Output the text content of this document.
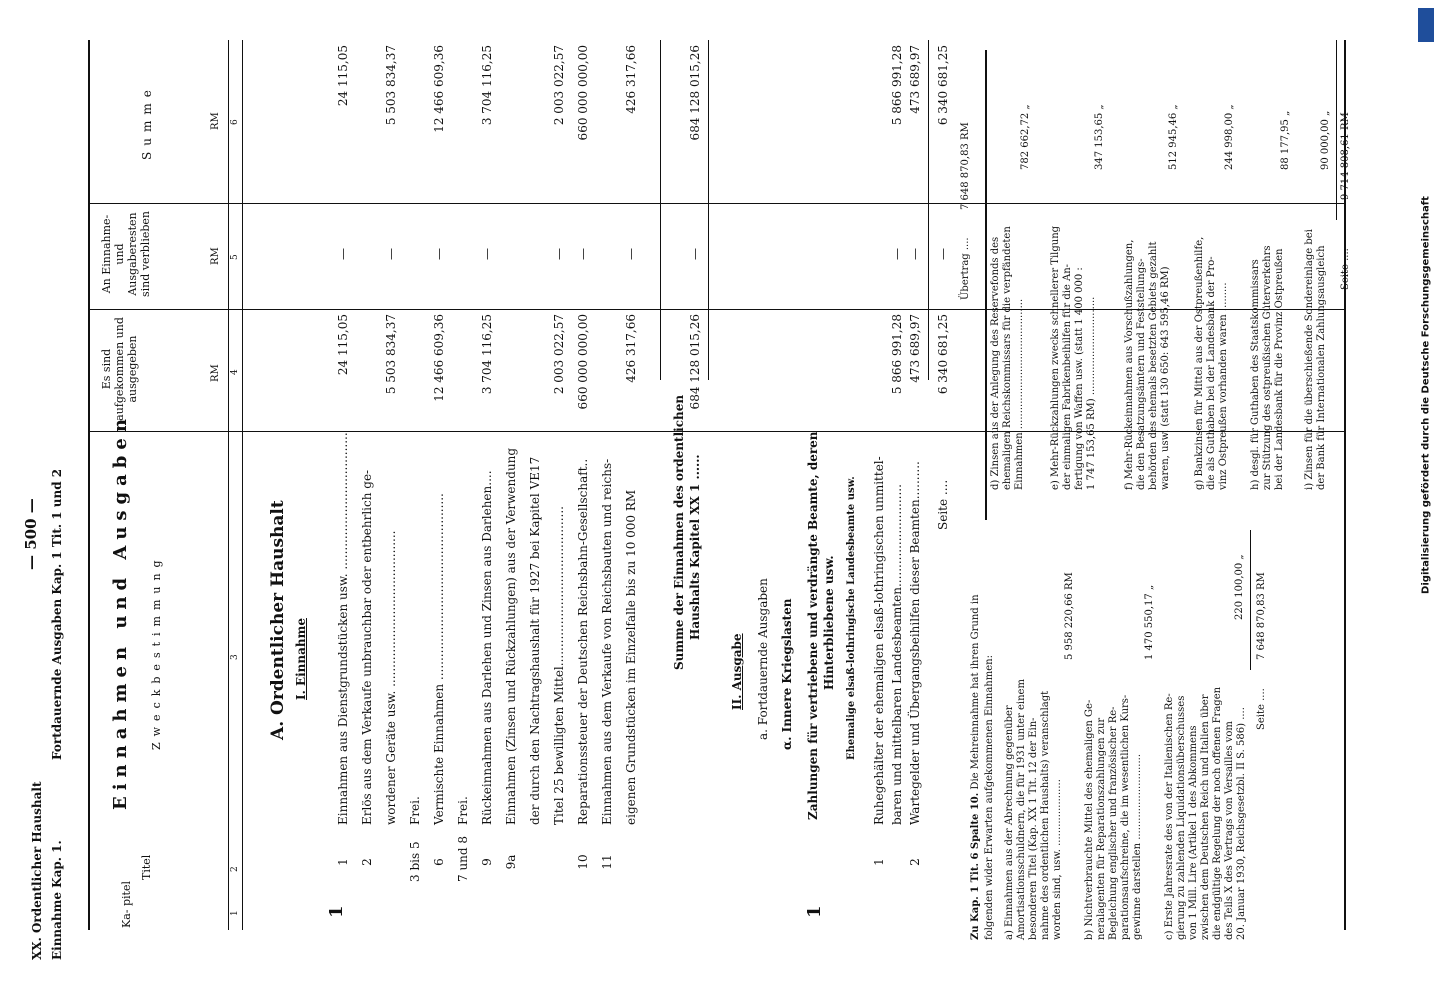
XX. Ordentlicher Haushalt Einnahme Kap. 1.
Fortdauernde Ausgaben Kap. 1 Tit. 1 und 2
— 500 —
Ka- pitel
Titel
Einnahmen und Ausgaben Zweckbestimmung
Es sind aufgekommen und ausgegeben
An Einnahme- und Ausgaberesten sind verblieben
Summe
RM
RM
RM
1
2
3
4
5
6
A. Ordentlicher Haushalt I. Einnahme
1
1
Einnahmen aus Dienstgrundstücken usw. ....................................
24 115,05
—
24 115,05
2
Erlös aus dem Verkaufe unbrauchbar oder entbehrlich ge- wordener Geräte usw. .........................................
5 503 834,37
—
5 503 834,37
3 bis 5
Frei.
6
Vermischte Einnahmen .................................................
12 466 609,36
—
12 466 609,36
7 und 8
Frei.
9
Rückeinnahmen aus Darlehen und Zinsen aus Darlehen....
3 704 116,25
—
3 704 116,25
9a
Einnahmen (Zinsen und Rückzahlungen) aus der Verwendung der durch den Nachtragshaushalt für 1927 bei Kapitel VE17 Titel 25 bewilligten Mittel..........................................
2 003 022,57
—
2 003 022,57
10
Reparationssteuer der Deutschen Reichsbahn-Gesellschaft..
660 000 000,00
—
660 000 000,00
11
Einnahmen aus dem Verkaufe von Reichsbauten und reichs- eigenen Grundstücken im Einzelfalle bis zu 10 000 RM
426 317,66
—
426 317,66
Summe der Einnahmen des ordentlichen Haushalts Kapitel XX 1 ......
684 128 015,26
—
684 128 015,26
II. Ausgabe a. Fortdauernde Ausgaben α. Innere Kriegslasten
1
Zahlungen für vertriebene und verdrängte Beamte, deren Hinterbliebene usw. Ehemalige elsaß-lothringische Landesbeamte usw.
1
Ruhegehälter der ehemaligen elsaß-lothringischen unmittel- baren und mittelbaren Landesbeamten...........................
5 866 991,28
—
5 866 991,28
2
Wartegelder und Übergangsbeihilfen dieser Beamten..........
473 689,97
—
473 689,97
Seite ....
6 340 681,25
—
6 340 681,25
Zu Kap. 1 Tit. 6 Spalte 10. Die Mehreinnahme hat ihren Grund in folgenden wider Erwarten aufgekommenen Einnahmen: a) Einnahmen aus der Abrechnung gegenüber Amortisationsschuldnern, die für 1931 unter einem besonderen Titel (Kap. XX 1 Tit. 12 der Ein- nahme des ordentlichen Haushalts) veranschlagt worden sind, usw. .....................
5 958 220,66 RM
b) Nichtverbrauchte Mittel des ehemaligen Ge- neralagenten für Reparationszahlungen zur Begleichung englischer und französischer Re- parationsaufschreine, die im wesentlichen Kurs- gewinne darstellen ...........................
1 470 550,17 „
c) Erste Jahresrate des von der Italienischen Re- gierung zu zahlenden Liquidationsüberschusses von 1 Mill. Lire (Artikel 1 des Abkommens zwischen dem Deutschen Reich und Italien über die endgültige Regelung der noch offenen Fragen des Teils X des Vertrags von Versailles vom 20. Januar 1930, Reichsgesetzbl. II S. 586) ....
220 100,00 „
Seite ....
7 648 870,83 RM
Übertrag ....
7 648 870,83 RM
d) Zinsen aus der Anlegung des Reservefonds des ehemaligen Reichskommissars für die verpfändeten Einnahmen .........................................
782 662,72 „
e) Mehr-Rückzahlungen zwecks schnellerer Tilgung der einmaligen Fabrikenbeihilfen für die An- fertigung von Waffen usw. (statt 1 400 000 : 1 747 153,65 RM) ...............................
347 153,65 „
f) Mehr-Rückeinnahmen aus Vorschußzahlungen, die den Besatzungsämtern und Feststellungs- behörden des ehemals besetzten Gebiets gezahlt waren, usw. (statt 130 650: 643 595,46 RM)
512 945,46 „
g) Bankzinsen für Mittel aus der Ostpreußenhilfe, die als Guthaben bei der Landesbank der Pro- vinz Ostpreußen vorhanden waren .........
244 998,00 „
h) desgl. für Guthaben des Staatskommissars zur Stützung des ostpreußischen Güterverkehrs bei der Landesbank für die Provinz Ostpreußen
88 177,95 „
i) Zinsen für die überschießende Sondereinlage bei der Bank für Internationalen Zahlungsausgleich
90 000,00 „
Seite ....
9 714 808,61 RM
Digitalisierung gefördert durch die Deutsche Forschungsgemeinschaft
